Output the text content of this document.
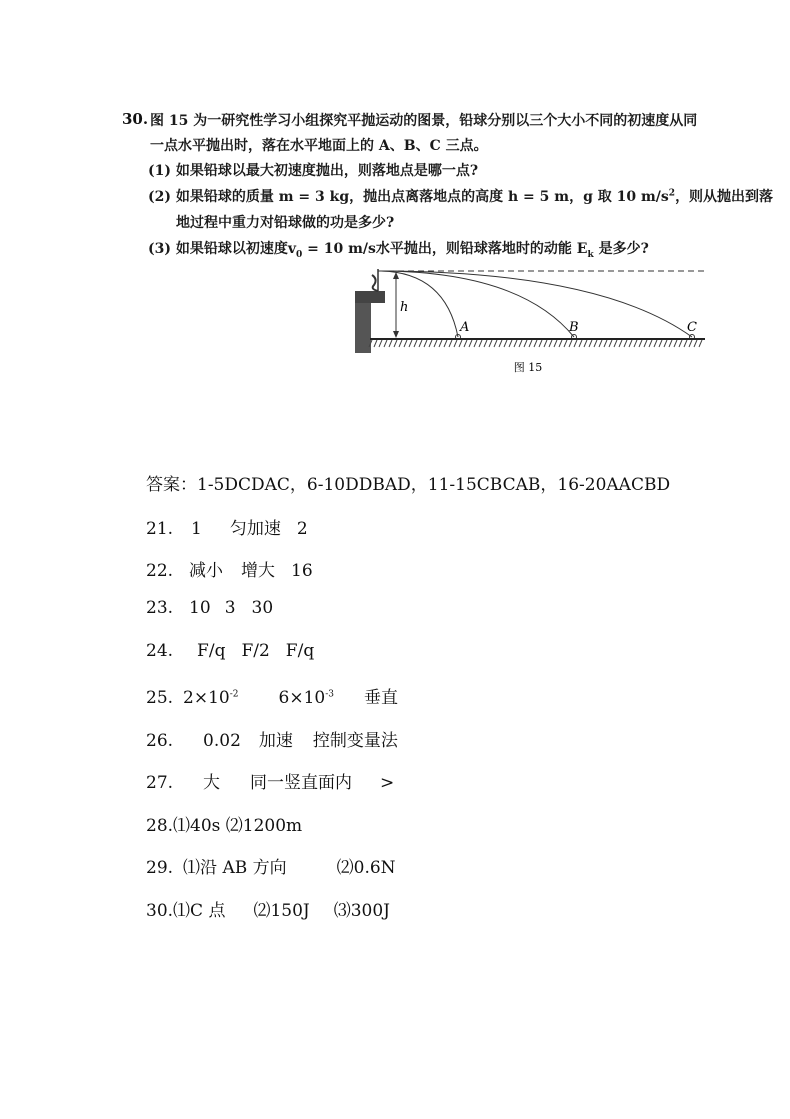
30. 图 15 为一研究性学习小组探究平抛运动的图景，铅球分别以三个大小不同的初速度从同
一点水平抛出时，落在水平地面上的 A、B、C 三点。
(1) 如果铅球以最大初速度抛出，则落地点是哪一点?
(2) 如果铅球的质量 m = 3 kg，抛出点离落地点的高度 h = 5 m，g 取 10 $m/s^2$，则从抛出到落
地过程中重力对铅球做的功是多少?
(3) 如果铅球以初速度$v_0 = 10$ m/s水平抛出，则铅球落地时的动能 $E_k$ 是多少?
h
A	B	C
图 15
答案：1-5DCDAC，6-10DDBAD，11-15CBCAB，16-20AACBD
21. 1 匀加速 2
22. 减小 增大 16
23. 10 3 30
24. F/q F/2 F/q
25. $2\times 10^{-2}$ $6\times 10^{-3}$ 垂直
26. 0.02 加速 控制变量法
27. 大 同一竖直面内 >
28.⑴40s ⑵1200m
29. ⑴沿 AB 方向	⑵0.6N
30.⑴C 点 ⑵150J ⑶300J
